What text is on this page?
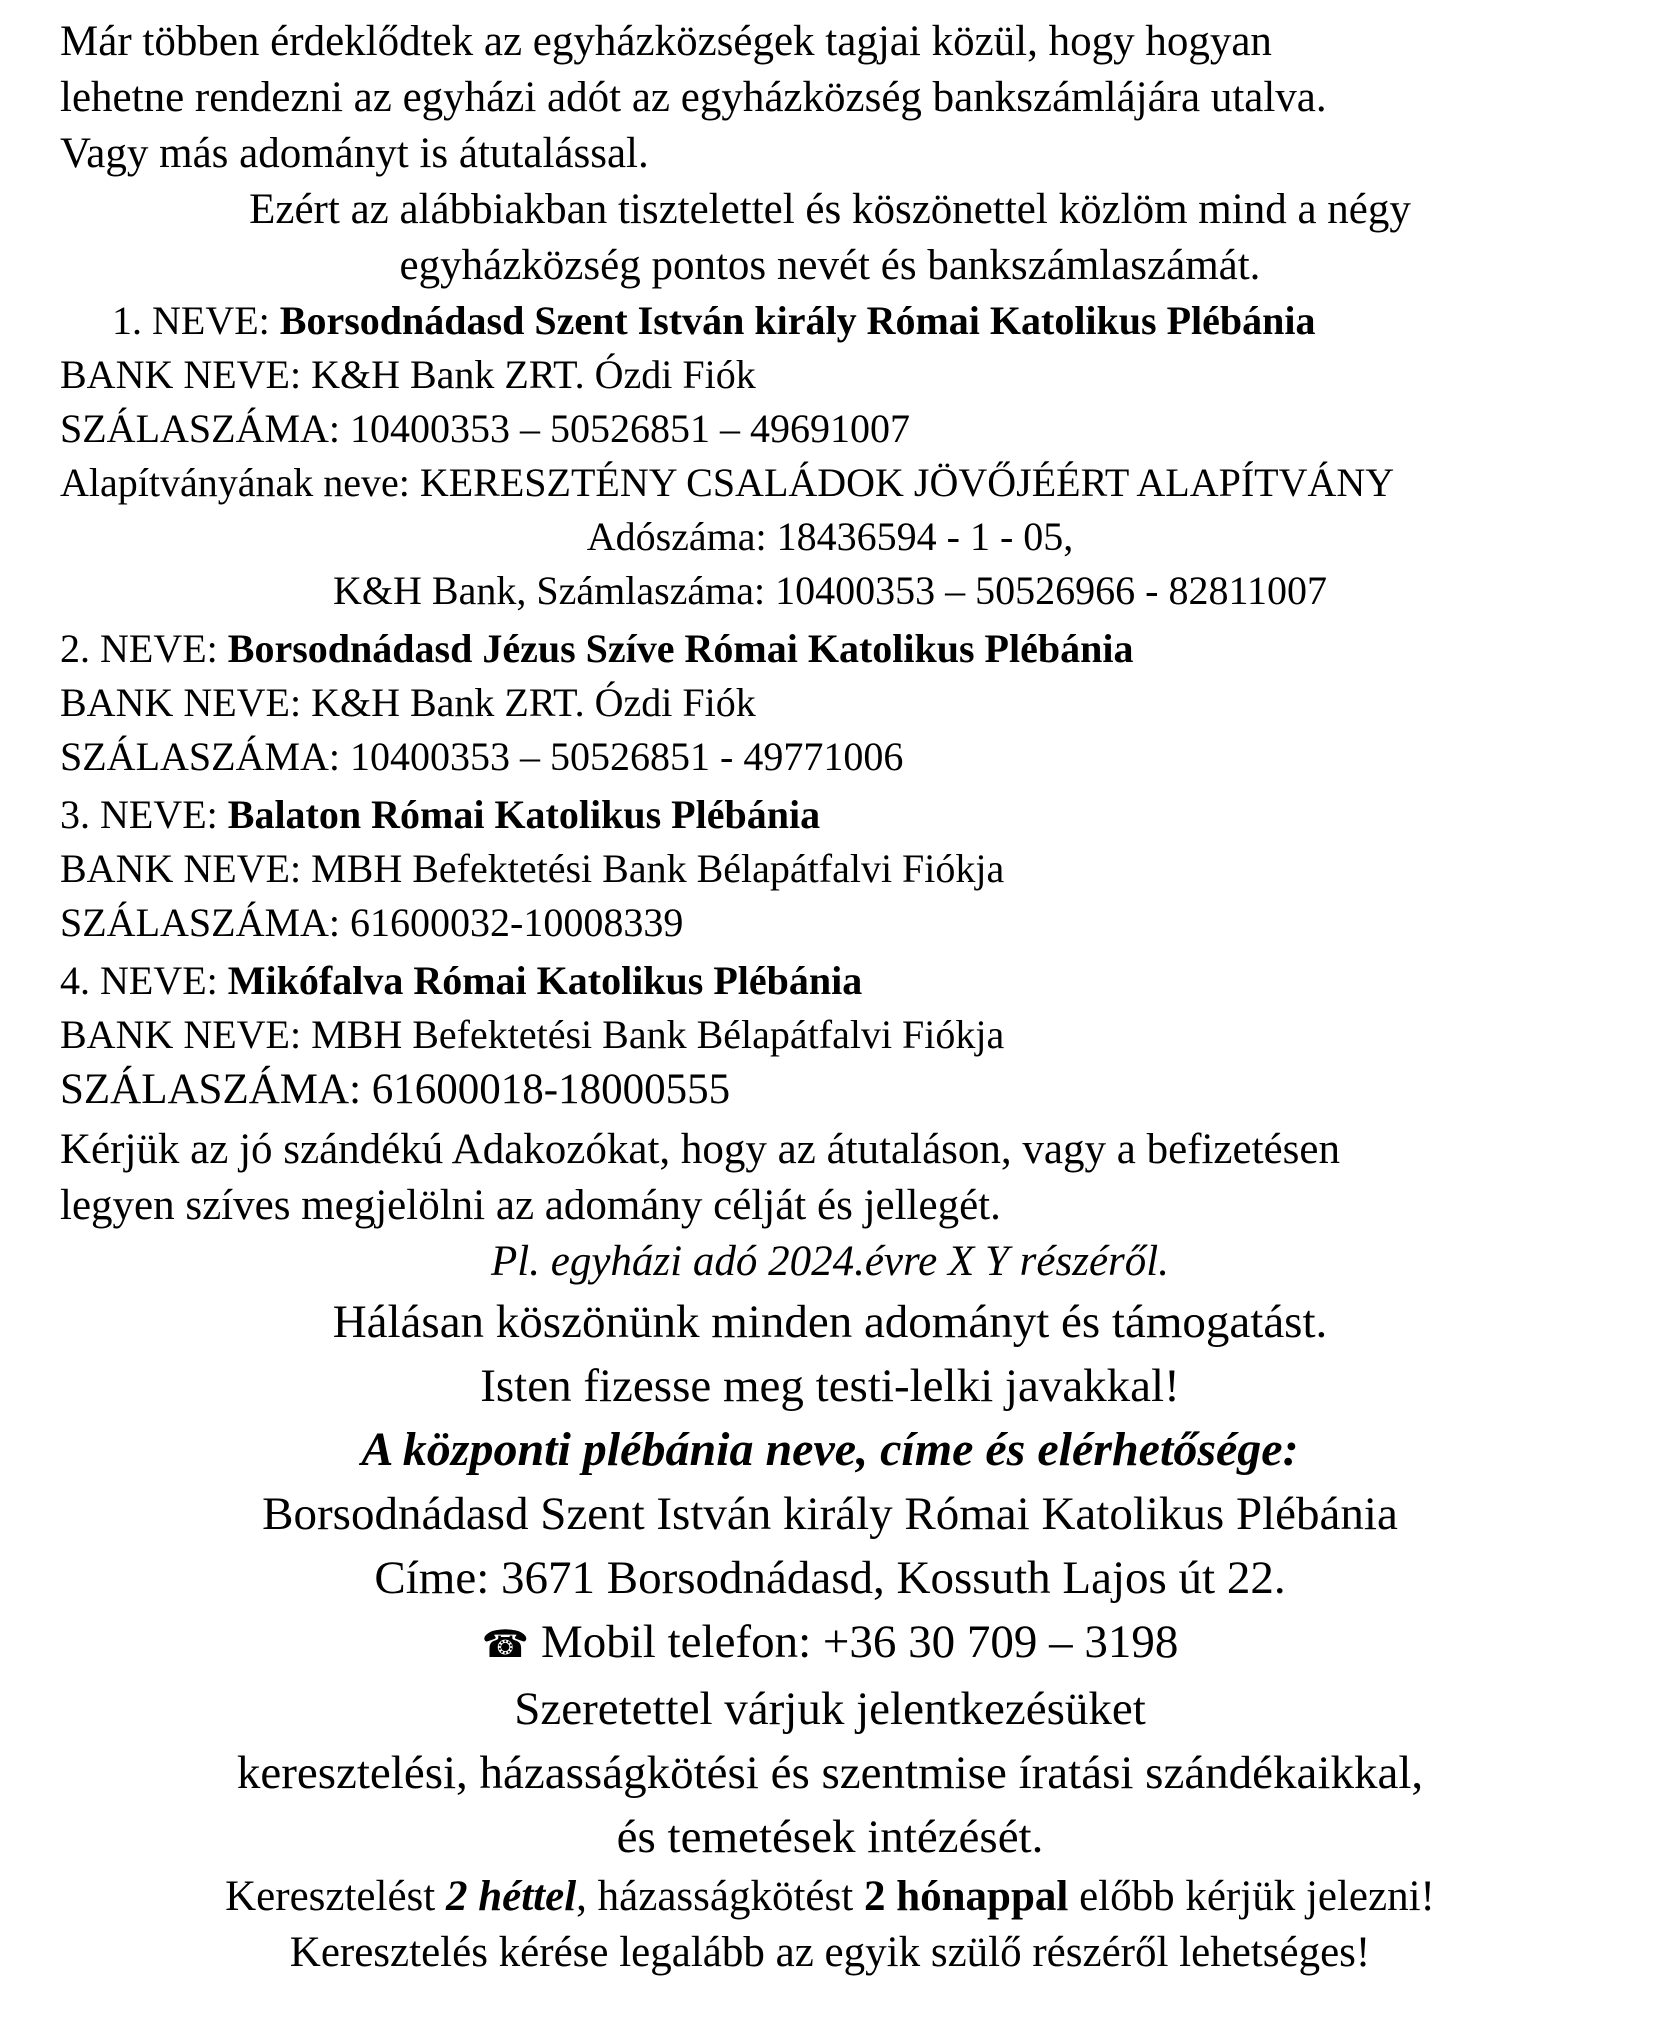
Már többen érdeklődtek az egyházközségek tagjai közül, hogy hogyan

lehetne rendezni az egyházi adót az egyházközség bankszámlájára utalva.

Vagy más adományt is átutalással.

Ezért az alábbiakban tisztelettel és köszönettel közlöm mind a négy

egyházközség pontos nevét és bankszámlaszámát.

1. NEVE: Borsodnádasd Szent István király Római Katolikus Plébánia

BANK NEVE: K&H Bank ZRT. Ózdi Fiók

SZÁLASZÁMA: 10400353 – 50526851 – 49691007

Alapítványának neve: KERESZTÉNY CSALÁDOK JÖVŐJÉÉRT ALAPÍTVÁNY

Adószáma: 18436594 - 1 - 05,

K&H Bank, Számlaszáma: 10400353 – 50526966 - 82811007

2. NEVE: Borsodnádasd Jézus Szíve Római Katolikus Plébánia

BANK NEVE: K&H Bank ZRT. Ózdi Fiók

SZÁLASZÁMA: 10400353 – 50526851 - 49771006

3. NEVE: Balaton Római Katolikus Plébánia

BANK NEVE: MBH Befektetési Bank Bélapátfalvi Fiókja

SZÁLASZÁMA: 61600032-10008339

4. NEVE: Mikófalva Római Katolikus Plébánia

BANK NEVE: MBH Befektetési Bank Bélapátfalvi Fiókja

SZÁLASZÁMA: 61600018-18000555

Kérjük az jó szándékú Adakozókat, hogy az átutaláson, vagy a befizetésen

legyen szíves megjelölni az adomány célját és jellegét.

Pl. egyházi adó 2024.évre X Y részéről.

Hálásan köszönünk minden adományt és támogatást.

Isten fizesse meg testi-lelki javakkal!

A központi plébánia neve, címe és elérhetősége:

Borsodnádasd Szent István király Római Katolikus Plébánia

Címe: 3671 Borsodnádasd, Kossuth Lajos út 22.

☎ Mobil telefon: +36 30 709 – 3198

Szeretettel várjuk jelentkezésüket

keresztelési, házasságkötési és szentmise íratási szándékaikkal,

és temetések intézését.

Keresztelést 2 héttel, házasságkötést 2 hónappal előbb kérjük jelezni!

Keresztelés kérése legalább az egyik szülő részéről lehetséges!
